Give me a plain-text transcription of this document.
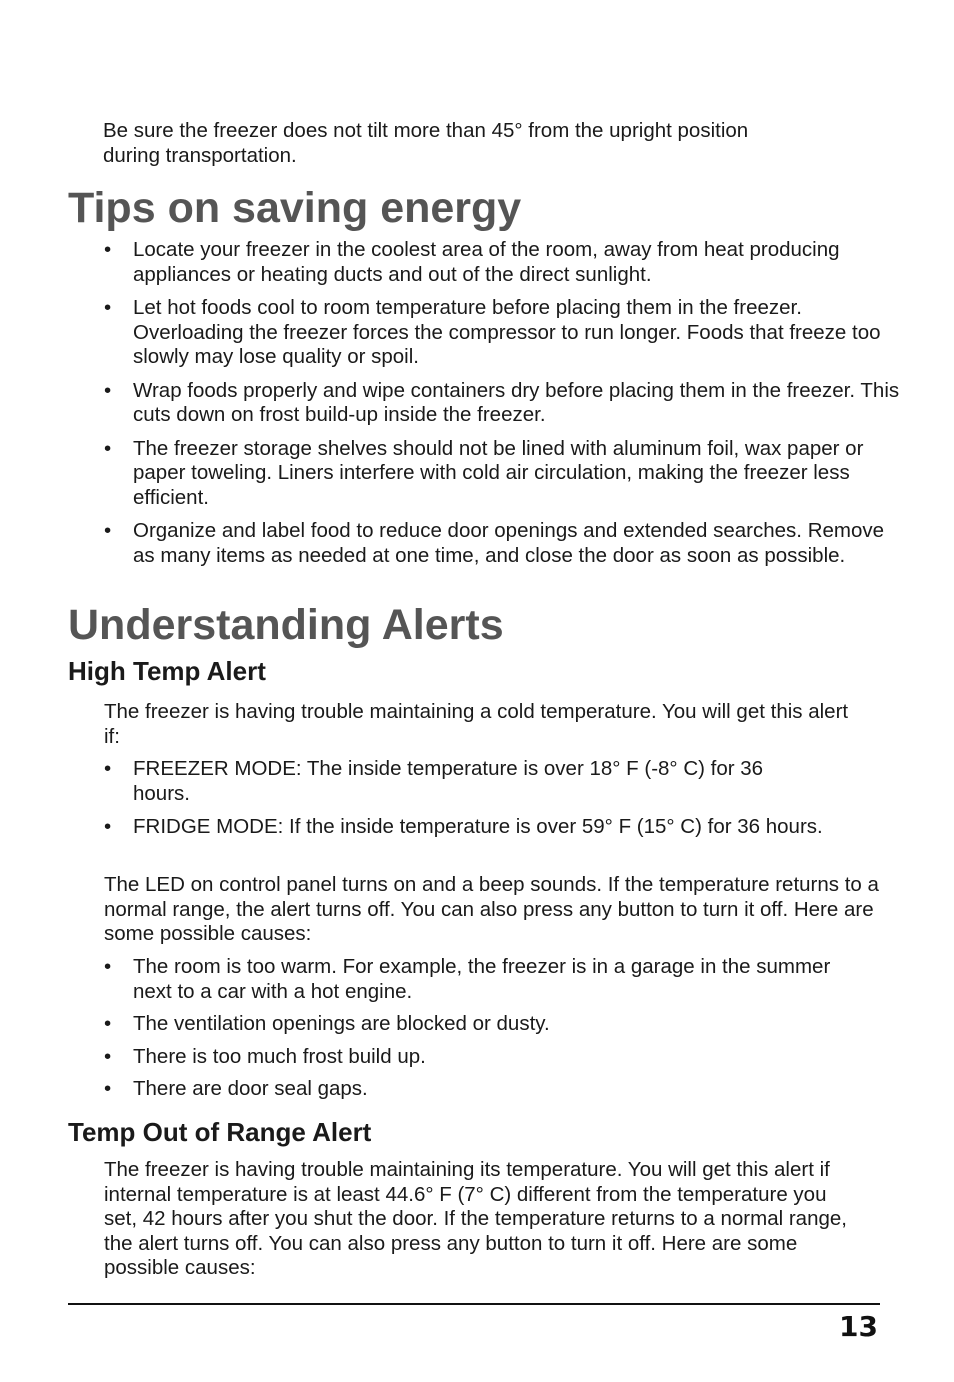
Be sure the freezer does not tilt more than 45° from the upright position during transportation.
Tips on saving energy
• Locate your freezer in the coolest area of the room, away from heat producing appliances or heating ducts and out of the direct sunlight.
• Let hot foods cool to room temperature before placing them in the freezer. Overloading the freezer forces the compressor to run longer. Foods that freeze too slowly may lose quality or spoil.
• Wrap foods properly and wipe containers dry before placing them in the freezer. This cuts down on frost build-up inside the freezer.
• The freezer storage shelves should not be lined with aluminum foil, wax paper or paper toweling. Liners interfere with cold air circulation, making the freezer less efficient.
• Organize and label food to reduce door openings and extended searches. Remove as many items as needed at one time, and close the door as soon as possible.
Understanding Alerts
High Temp Alert
The freezer is having trouble maintaining a cold temperature. You will get this alert if:
• FREEZER MODE: The inside temperature is over 18° F (-8° C) for 36 hours.
• FRIDGE MODE: If the inside temperature is over 59° F (15° C) for 36 hours.
The LED on control panel turns on and a beep sounds. If the temperature returns to a normal range, the alert turns off. You can also press any button to turn it off. Here are some possible causes:
• The room is too warm. For example, the freezer is in a garage in the summer next to a car with a hot engine.
• The ventilation openings are blocked or dusty.
• There is too much frost build up.
• There are door seal gaps.
Temp Out of Range Alert
The freezer is having trouble maintaining its temperature. You will get this alert if internal temperature is at least 44.6° F (7° C) different from the temperature you set, 42 hours after you shut the door. If the temperature returns to a normal range, the alert turns off. You can also press any button to turn it off. Here are some possible causes:
13
